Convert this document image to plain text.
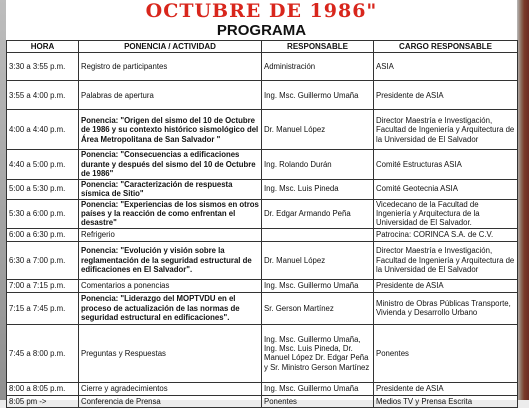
OCTUBRE DE 1986"
PROGRAMA
HORA	PONENCIA / ACTIVIDAD	RESPONSABLE	CARGO RESPONSABLE
3:30 a 3:55 p.m.	Registro de participantes	Administración	ASIA
3:55 a 4:00 p.m.	Palabras de apertura	Ing. Msc. Guillermo Umaña	Presidente de ASIA
4:00 a 4:40 p.m.	Ponencia: "Origen del sismo del 10 de Octubre de 1986 y su contexto histórico sismológico del Área Metropolitana de San Salvador "	Dr. Manuel López	Director Maestría e Investigación, Facultad de Ingeniería y Arquitectura de la Universidad de El Salvador
4:40 a 5:00 p.m.	Ponencia: "Consecuencias a edificaciones durante y después del sismo del 10 de Octubre de 1986"	Ing. Rolando Durán	Comité Estructuras ASIA
5:00 a 5:30 p.m.	Ponencia: "Caracterización de respuesta sísmica de Sitio"	Ing. Msc. Luis Pineda	Comité Geotecnia ASIA
5:30 a 6:00 p.m.	Ponencia: "Experiencias de los sismos en otros países y la reacción de como enfrentan el desastre"	Dr. Edgar Armando Peña	Vicedecano de la Facultad de Ingeniería y Arquitectura de la Universidad de El Salvador.
6:00 a 6:30 p.m.	Refrigerio		Patrocina: CORINCA S.A. de C.V.
6:30 a 7:00 p.m.	Ponencia: "Evolución y visión sobre la reglamentación de la seguridad estructural de edificaciones en El Salvador".	Dr. Manuel López	Director Maestría e Investigación, Facultad de Ingeniería y Arquitectura de la Universidad de El Salvador
7:00 a 7:15 p.m.	Comentarios a ponencias	Ing. Msc. Guillermo Umaña	Presidente de ASIA
7:15 a 7:45 p.m.	Ponencia: "Liderazgo del MOPTVDU en el proceso de actualización de las normas de seguridad estructural en edificaciones".	Sr. Gerson Martínez	Ministro de Obras Públicas Transporte, Vivienda y Desarrollo Urbano
7:45 a 8:00 p.m.	Preguntas y Respuestas	Ing. Msc. Guillermo Umaña, Ing. Msc. Luis Pineda, Dr. Manuel López Dr. Edgar Peña y Sr. Ministro Gerson Martínez	Ponentes
8:00 a 8:05 p.m.	Cierre y agradecimientos	Ing. Msc. Guillermo Umaña	Presidente de ASIA
8:05 pm ->	Conferencia de Prensa	Ponentes	Medios TV y Prensa Escrita
